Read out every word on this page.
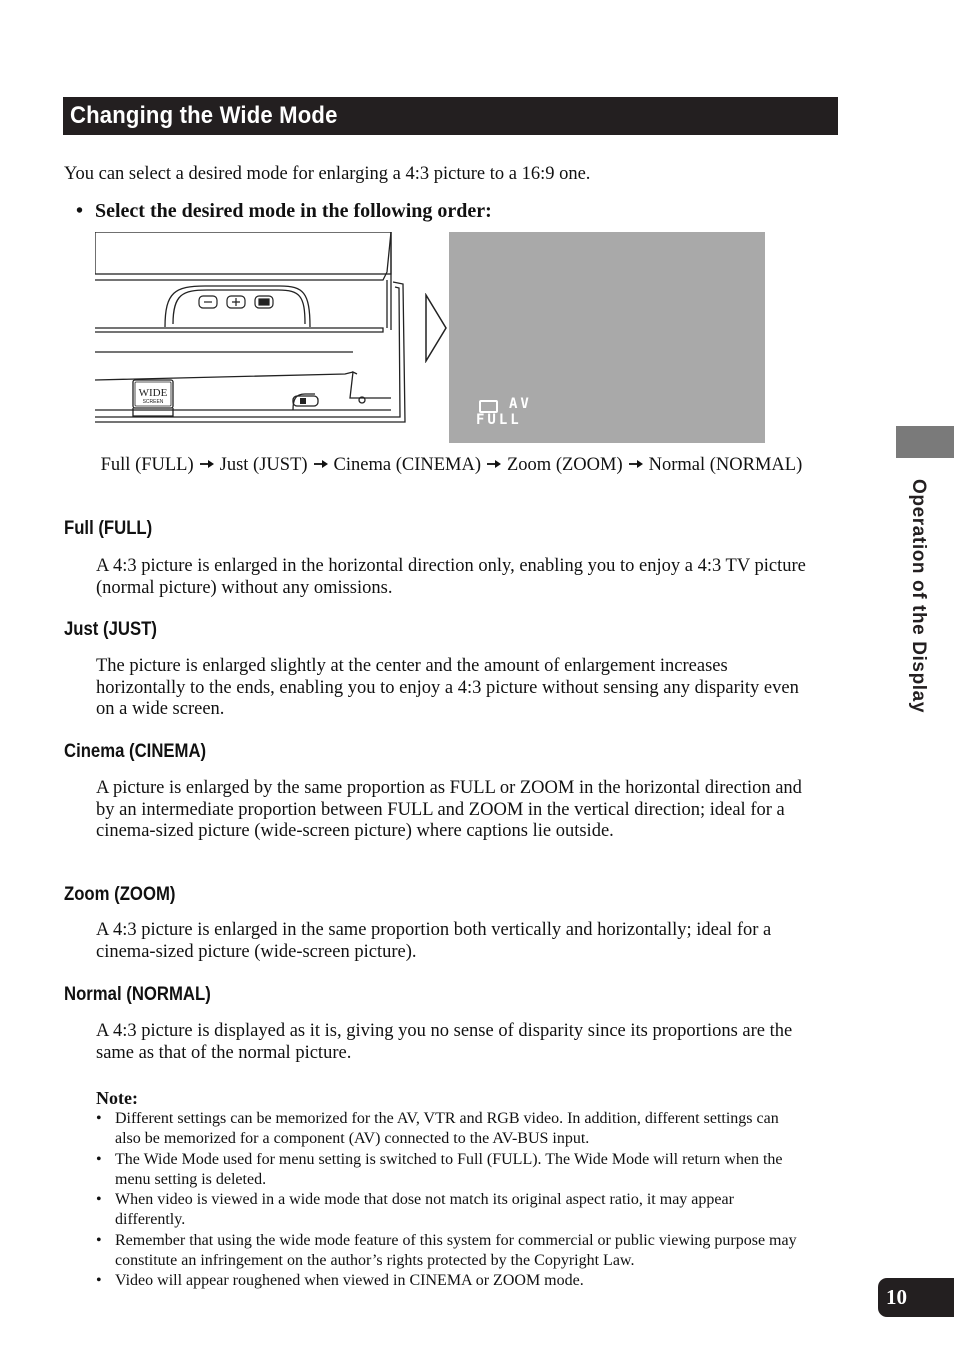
Changing the Wide Mode

You can select a desired mode for enlarging a 4:3 picture to a 16:9 one.

• Select the desired mode in the following order:

WIDE
SCREEN	AV
FULL

Full (FULL) Just (JUST) Cinema (CINEMA) Zoom (ZOOM) Normal (NORMAL)

Full (FULL)

A 4:3 picture is enlarged in the horizontal direction only, enabling you to enjoy a 4:3 TV picture (normal picture) without any omissions.

Just (JUST)

The picture is enlarged slightly at the center and the amount of enlargement increases horizontally to the ends, enabling you to enjoy a 4:3 picture without sensing any disparity even on a wide screen.

Cinema (CINEMA)

A picture is enlarged by the same proportion as FULL or ZOOM in the horizontal direction and by an intermediate proportion between FULL and ZOOM in the vertical direction; ideal for a cinema-sized picture (wide-screen picture) where captions lie outside.

Zoom (ZOOM)

A 4:3 picture is enlarged in the same proportion both vertically and horizontally; ideal for a cinema-sized picture (wide-screen picture).

Normal (NORMAL)

A 4:3 picture is displayed as it is, giving you no sense of disparity since its proportions are the same as that of the normal picture.

Note:

• Different settings can be memorized for the AV, VTR and RGB video. In addition, different settings can also be memorized for a component (AV) connected to the AV-BUS input.
• The Wide Mode used for menu setting is switched to Full (FULL). The Wide Mode will return when the menu setting is deleted.
• When video is viewed in a wide mode that dose not match its original aspect ratio, it may appear differently.
• Remember that using the wide mode feature of this system for commercial or public viewing purpose may constitute an infringement on the author’s rights protected by the Copyright Law.
• Video will appear roughened when viewed in CINEMA or ZOOM mode.

Operation of the Display

10
